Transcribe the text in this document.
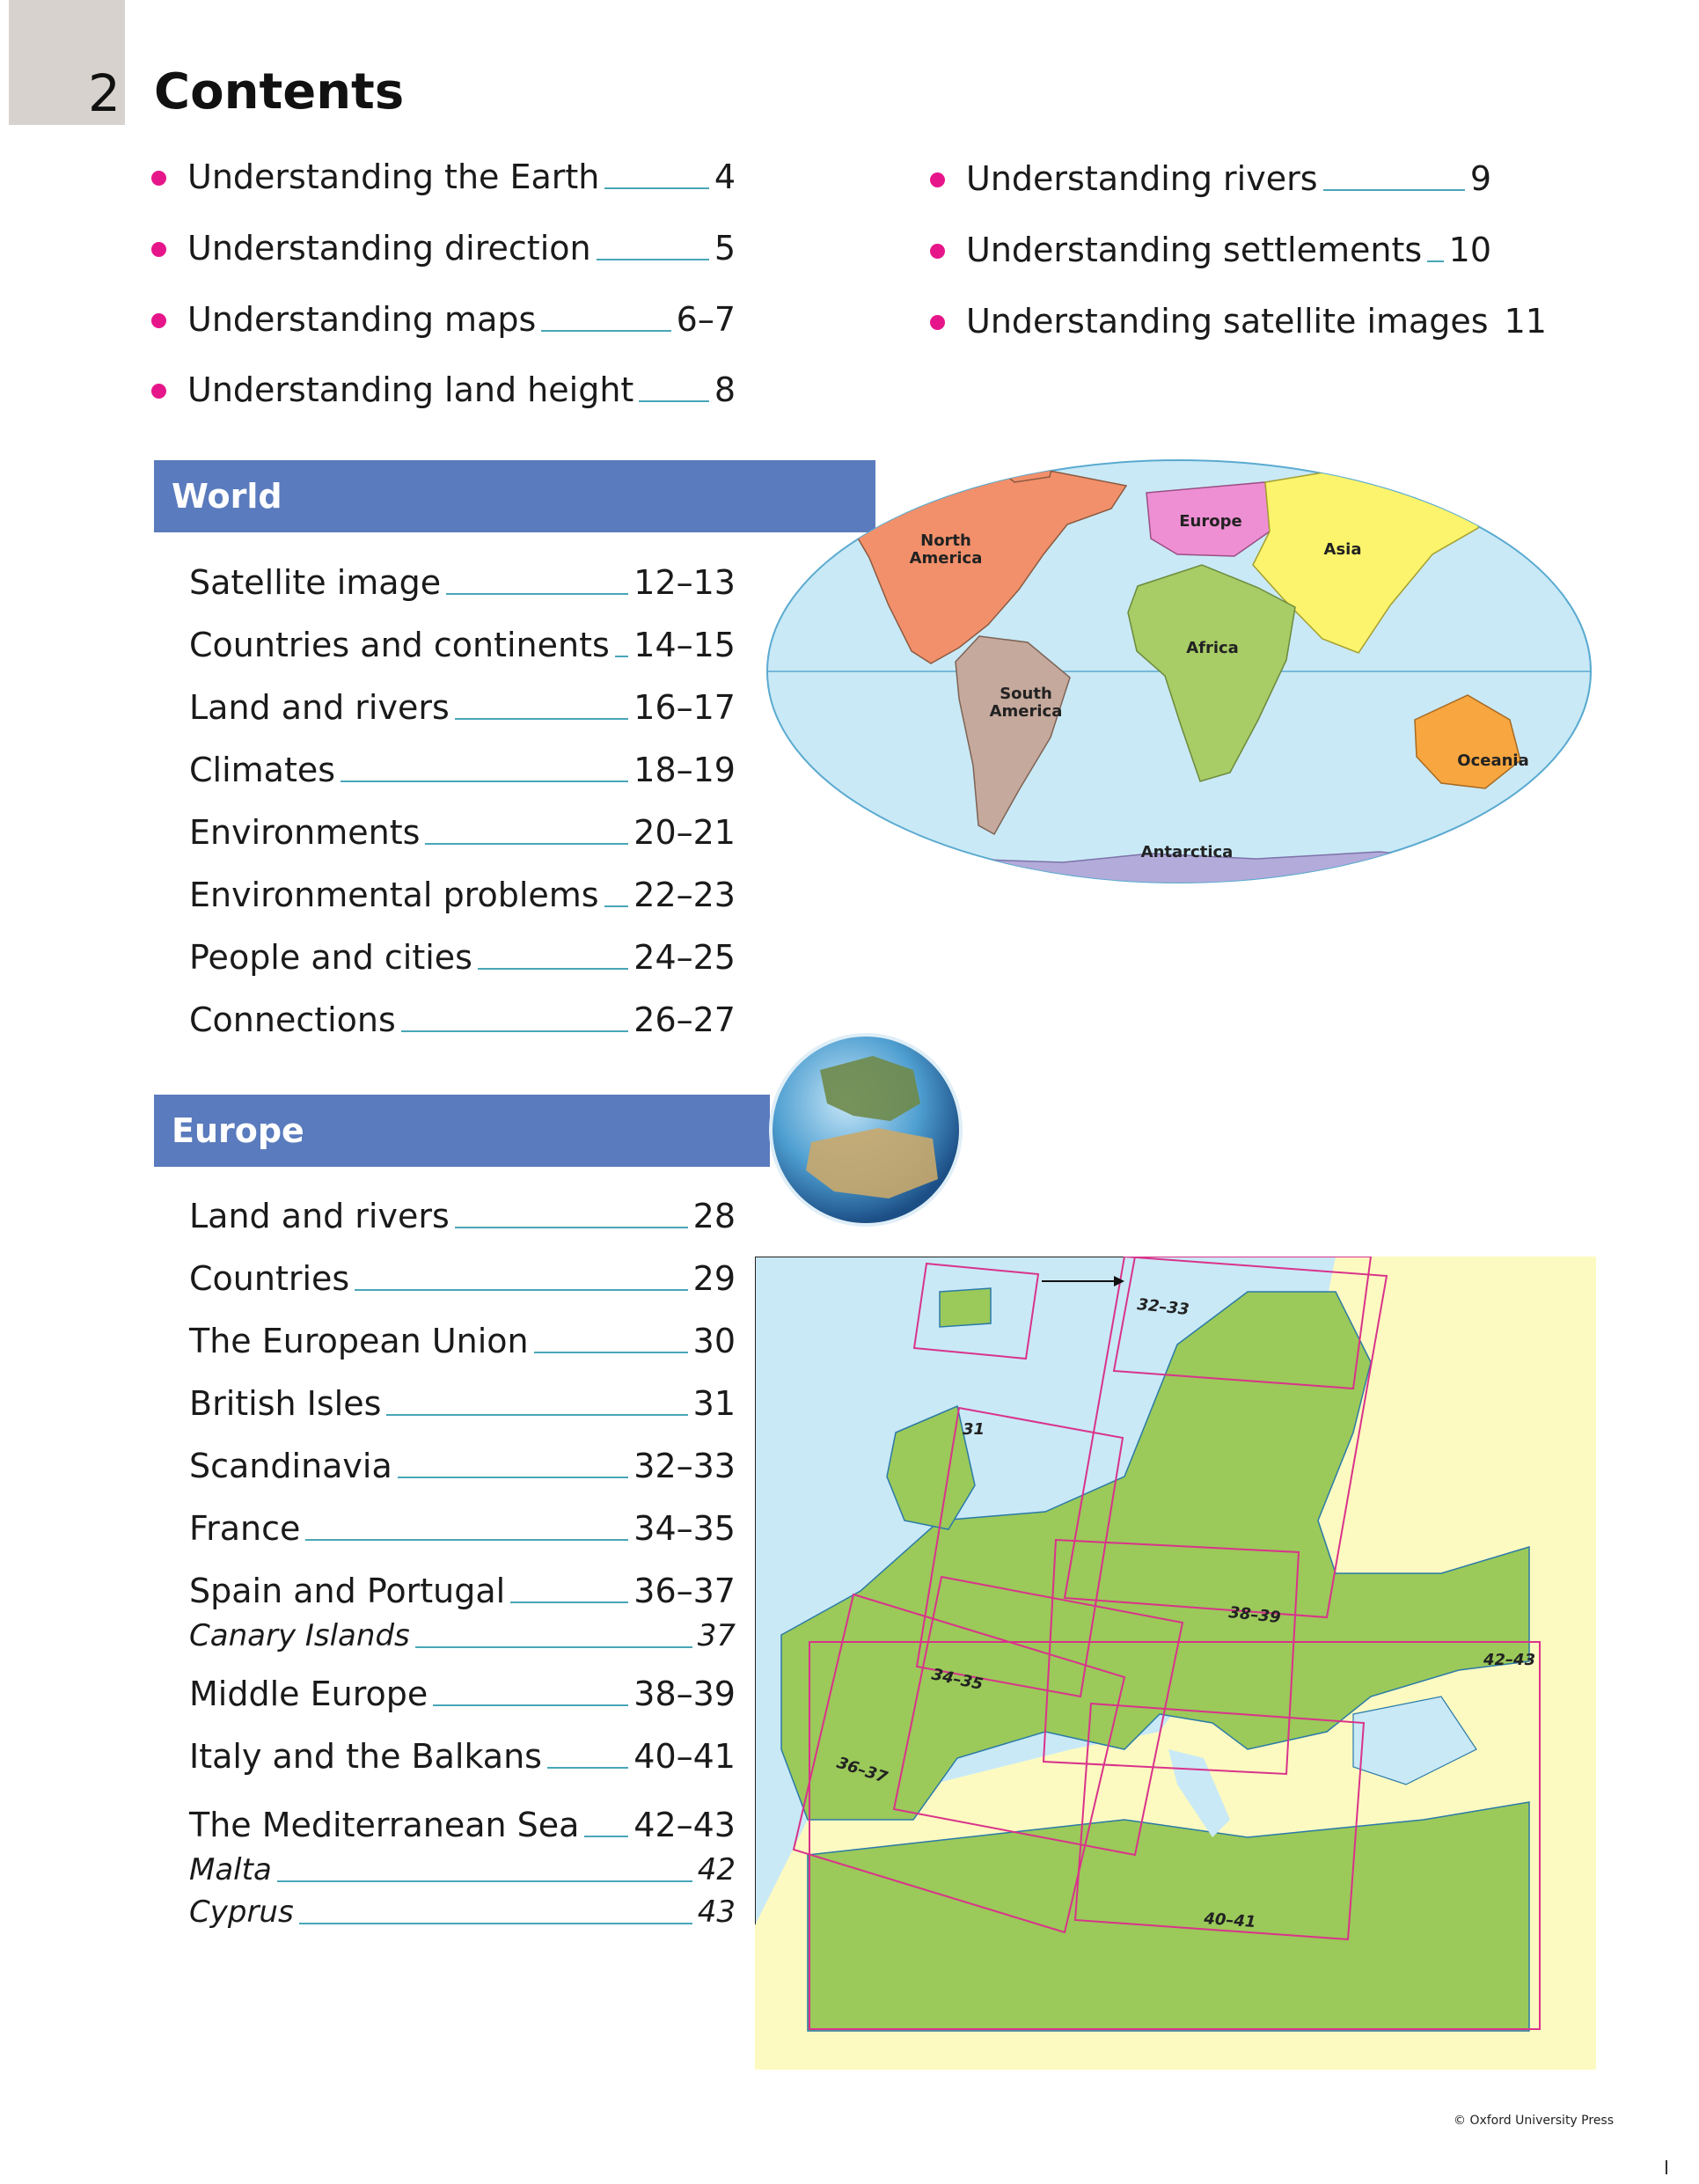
2 Contents
Understanding the Earth	4
Understanding direction	5
Understanding maps	6–7
Understanding land height 8
Understanding rivers	9
Understanding settlements 10
Understanding satellite images 11
World
North
America
South
America
Europe
Asia
Africa
Oceania
Antarctica
Satellite image	12–13
Countries and continents 14–15
Land and rivers	16–17
Climates	18–19
Environments	20–21
Environmental problems 22–23
People and cities	24–25
Connections	26–27
Europe
Land and rivers	28
Countries	29
The European Union	30
British Isles	31
Scandinavia	32–33
France	34–35
Spain and Portugal	36–37
Canary Islands	37
Middle Europe	38–39
Italy and the Balkans	40–41
The Mediterranean Sea 42–43
Malta	42
Cyprus	43
31
32–33
38–39
42–43
34–35
36–37
40–41
© Oxford University Press
